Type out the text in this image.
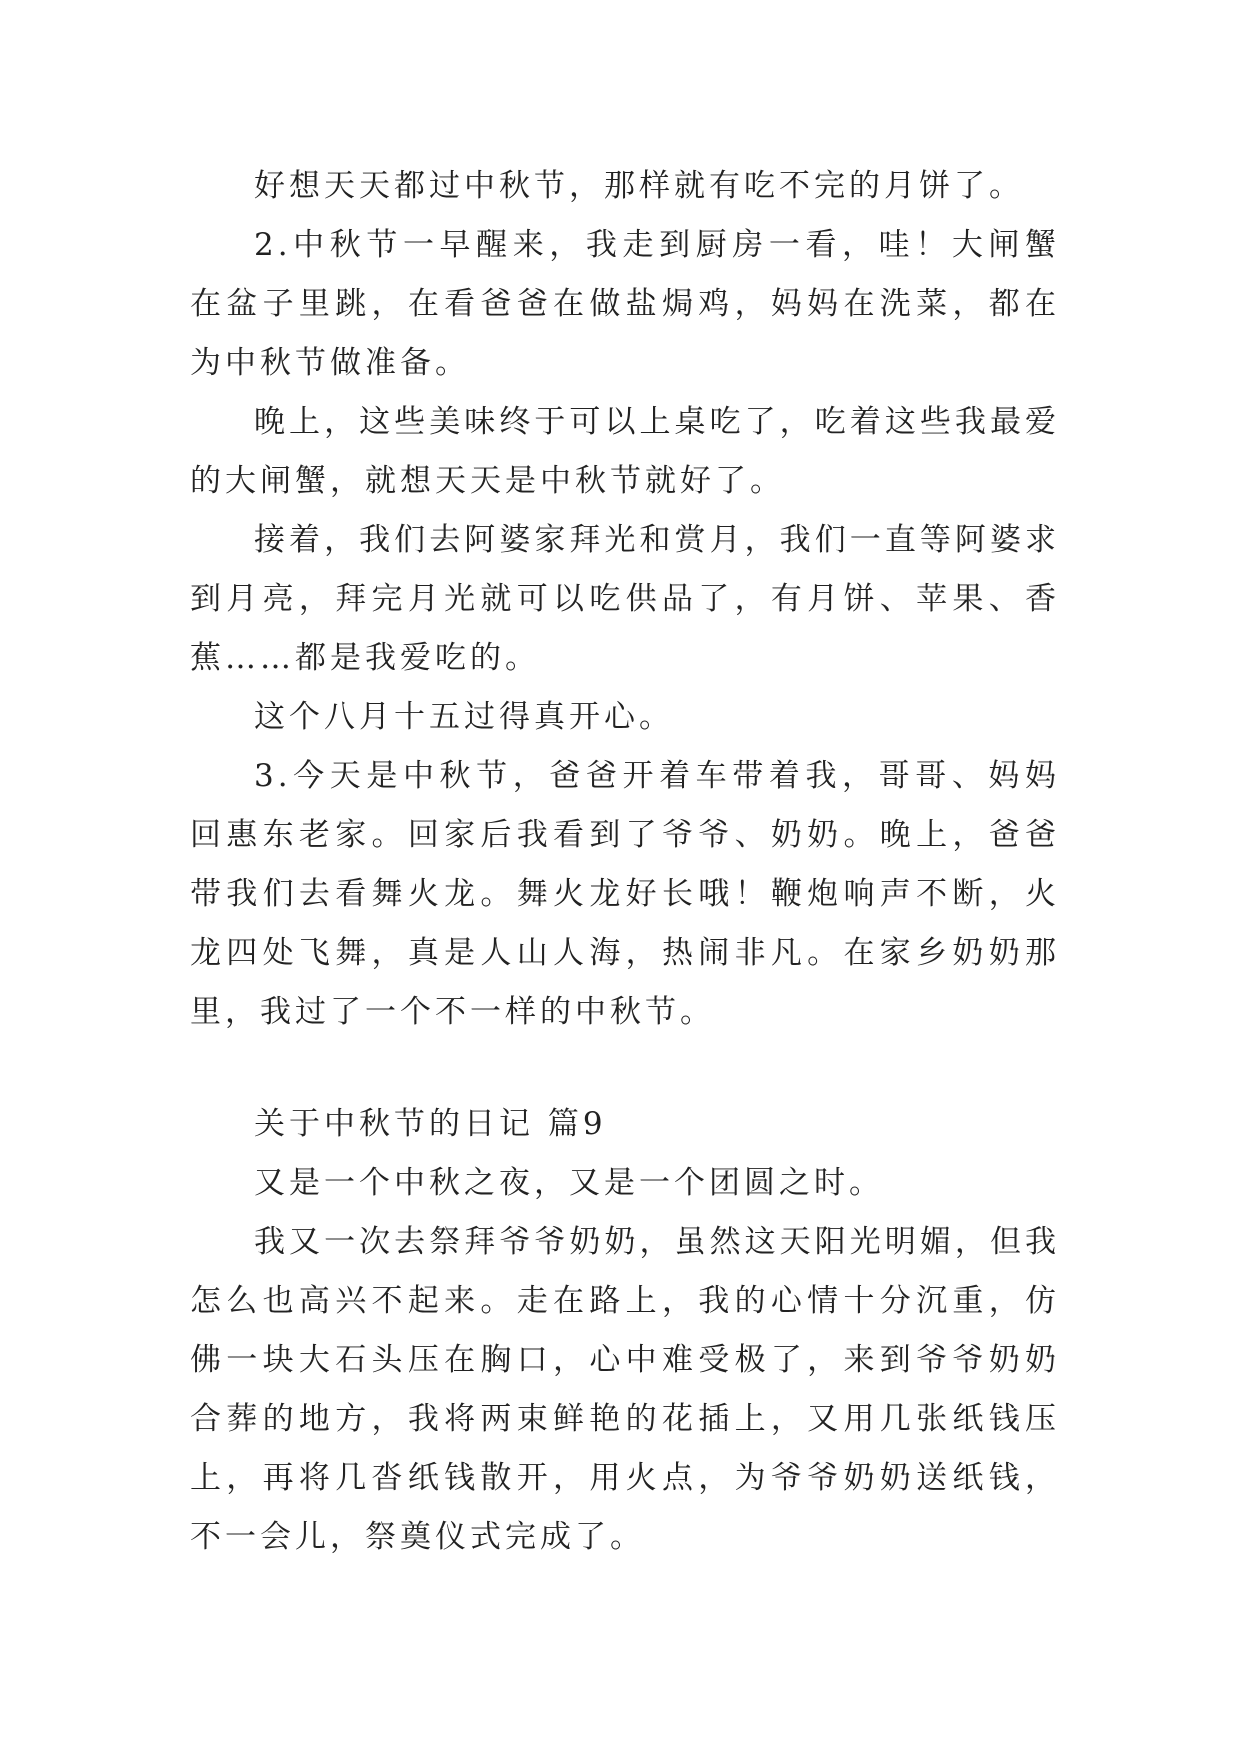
好想天天都过中秋节，那样就有吃不完的月饼了。

2.中秋节一早醒来，我走到厨房一看，哇！大闸蟹在盆子里跳，在看爸爸在做盐焗鸡，妈妈在洗菜，都在为中秋节做准备。

晚上，这些美味终于可以上桌吃了，吃着这些我最爱的大闸蟹，就想天天是中秋节就好了。

接着，我们去阿婆家拜光和赏月，我们一直等阿婆求到月亮，拜完月光就可以吃供品了，有月饼、苹果、香蕉……都是我爱吃的。

这个八月十五过得真开心。

3.今天是中秋节，爸爸开着车带着我，哥哥、妈妈回惠东老家。回家后我看到了爷爷、奶奶。晚上，爸爸带我们去看舞火龙。舞火龙好长哦！鞭炮响声不断，火龙四处飞舞，真是人山人海，热闹非凡。在家乡奶奶那里，我过了一个不一样的中秋节。

关于中秋节的日记 篇9

又是一个中秋之夜，又是一个团圆之时。

我又一次去祭拜爷爷奶奶，虽然这天阳光明媚，但我怎么也高兴不起来。走在路上，我的心情十分沉重，仿佛一块大石头压在胸口，心中难受极了，来到爷爷奶奶合葬的地方，我将两束鲜艳的花插上，又用几张纸钱压上，再将几沓纸钱散开，用火点，为爷爷奶奶送纸钱，不一会儿，祭奠仪式完成了。
